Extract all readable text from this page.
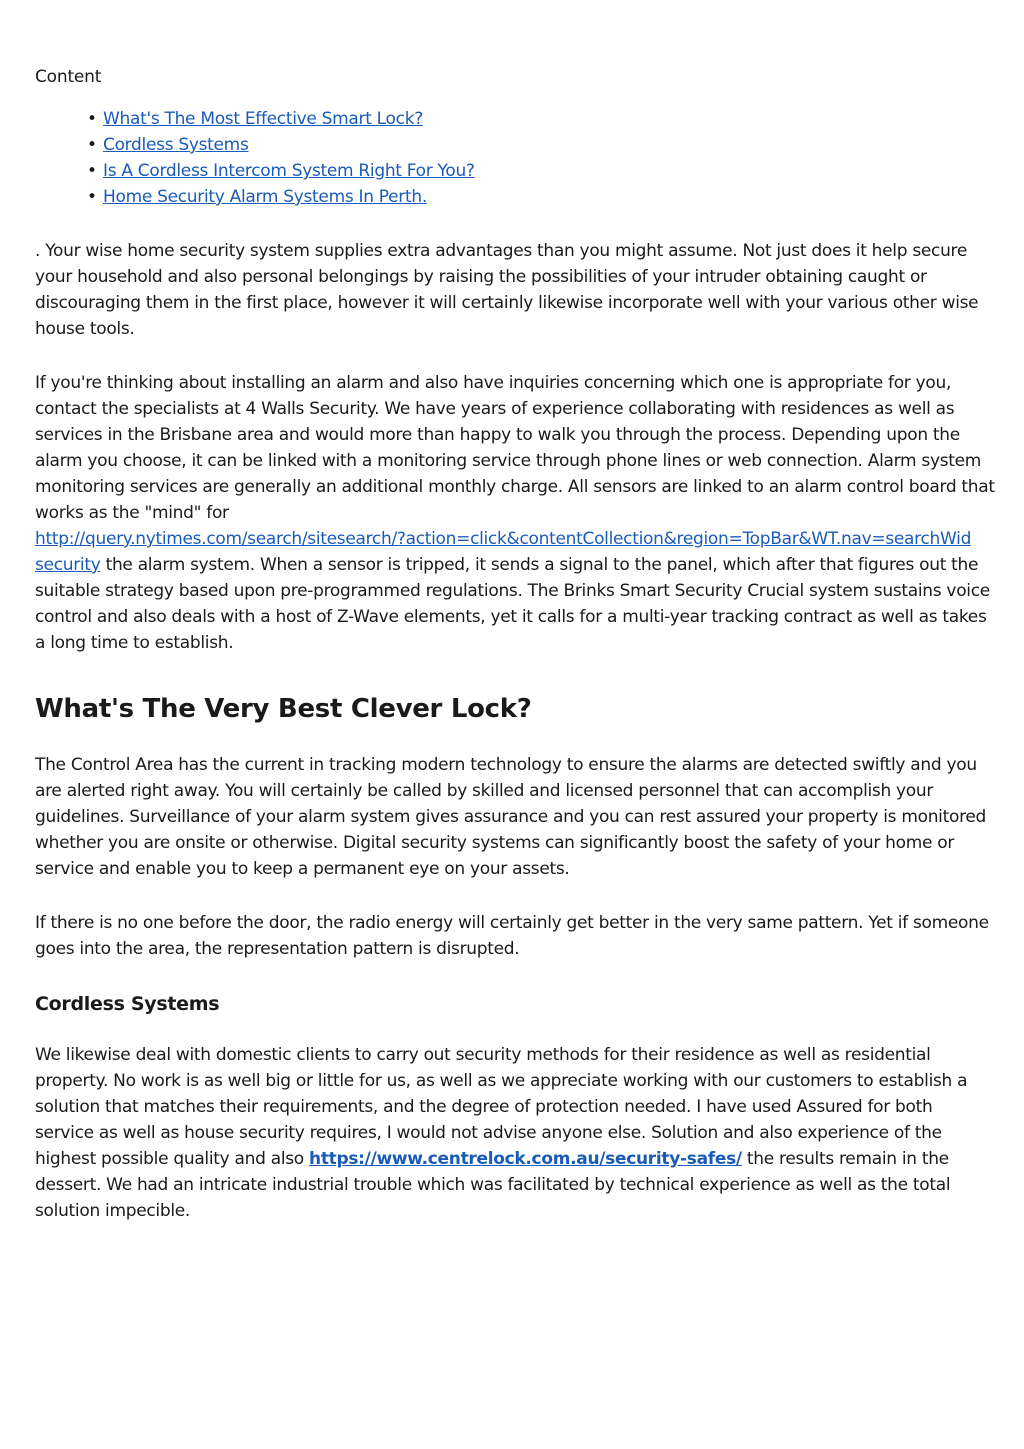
Content
• What's The Most Effective Smart Lock?
• Cordless Systems
• Is A Cordless Intercom System Right For You?
• Home Security Alarm Systems In Perth.

. Your wise home security system supplies extra advantages than you might assume. Not just does it help secure your household and also personal belongings by raising the possibilities of your intruder obtaining caught or discouraging them in the first place, however it will certainly likewise incorporate well with your various other wise house tools.

If you're thinking about installing an alarm and also have inquiries concerning which one is appropriate for you, contact the specialists at 4 Walls Security. We have years of experience collaborating with residences as well as services in the Brisbane area and would more than happy to walk you through the process. Depending upon the alarm you choose, it can be linked with a monitoring service through phone lines or web connection. Alarm system monitoring services are generally an additional monthly charge. All sensors are linked to an alarm control board that works as the "mind" for
http://query.nytimes.com/search/sitesearch/?action=click&contentCollection&region=TopBar&WT.nav=searchWid
security the alarm system. When a sensor is tripped, it sends a signal to the panel, which after that figures out the suitable strategy based upon pre-programmed regulations. The Brinks Smart Security Crucial system sustains voice control and also deals with a host of Z-Wave elements, yet it calls for a multi-year tracking contract as well as takes a long time to establish.

What's The Very Best Clever Lock?

The Control Area has the current in tracking modern technology to ensure the alarms are detected swiftly and you are alerted right away. You will certainly be called by skilled and licensed personnel that can accomplish your guidelines. Surveillance of your alarm system gives assurance and you can rest assured your property is monitored whether you are onsite or otherwise. Digital security systems can significantly boost the safety of your home or service and enable you to keep a permanent eye on your assets.

If there is no one before the door, the radio energy will certainly get better in the very same pattern. Yet if someone goes into the area, the representation pattern is disrupted.

Cordless Systems

We likewise deal with domestic clients to carry out security methods for their residence as well as residential property. No work is as well big or little for us, as well as we appreciate working with our customers to establish a solution that matches their requirements, and the degree of protection needed. I have used Assured for both service as well as house security requires, I would not advise anyone else. Solution and also experience of the highest possible quality and also https://www.centrelock.com.au/security-safes/ the results remain in the dessert. We had an intricate industrial trouble which was facilitated by technical experience as well as the total solution impecible.
